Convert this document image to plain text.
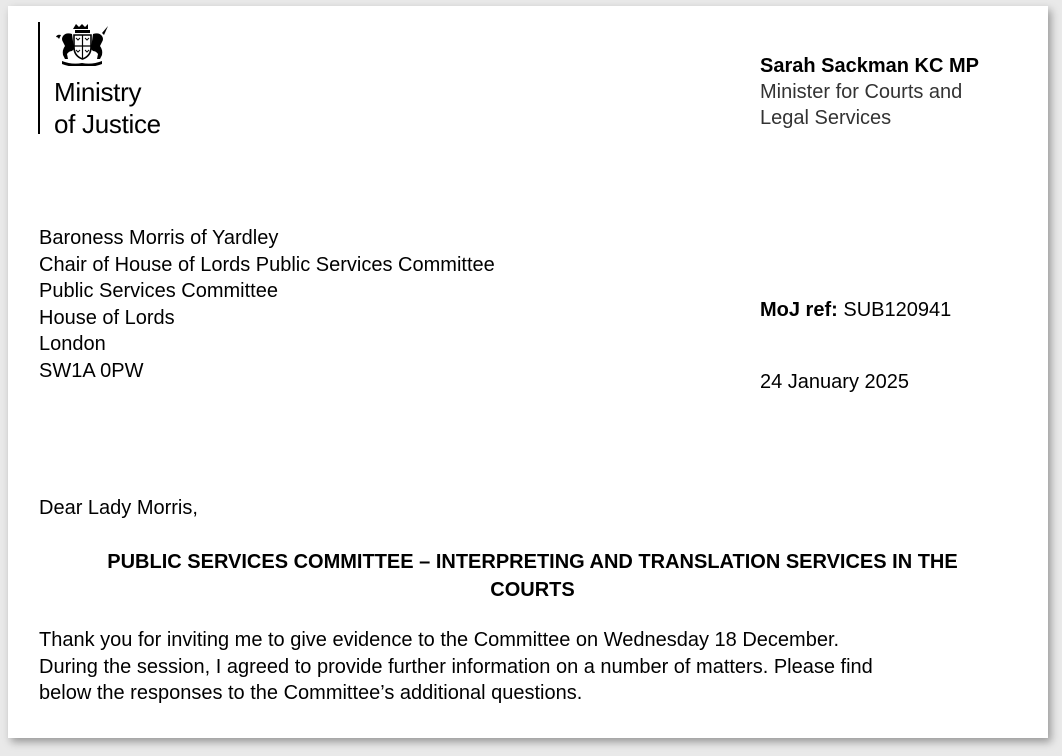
Ministry
of Justice
Sarah Sackman KC MP
Minister for Courts and
Legal Services
Baroness Morris of Yardley
Chair of House of Lords Public Services Committee
Public Services Committee
House of Lords
London
SW1A 0PW
MoJ ref: SUB120941
24 January 2025
Dear Lady Morris,
PUBLIC SERVICES COMMITTEE – INTERPRETING AND TRANSLATION SERVICES IN THE
COURTS
Thank you for inviting me to give evidence to the Committee on Wednesday 18 December.
During the session, I agreed to provide further information on a number of matters. Please find
below the responses to the Committee’s additional questions.
